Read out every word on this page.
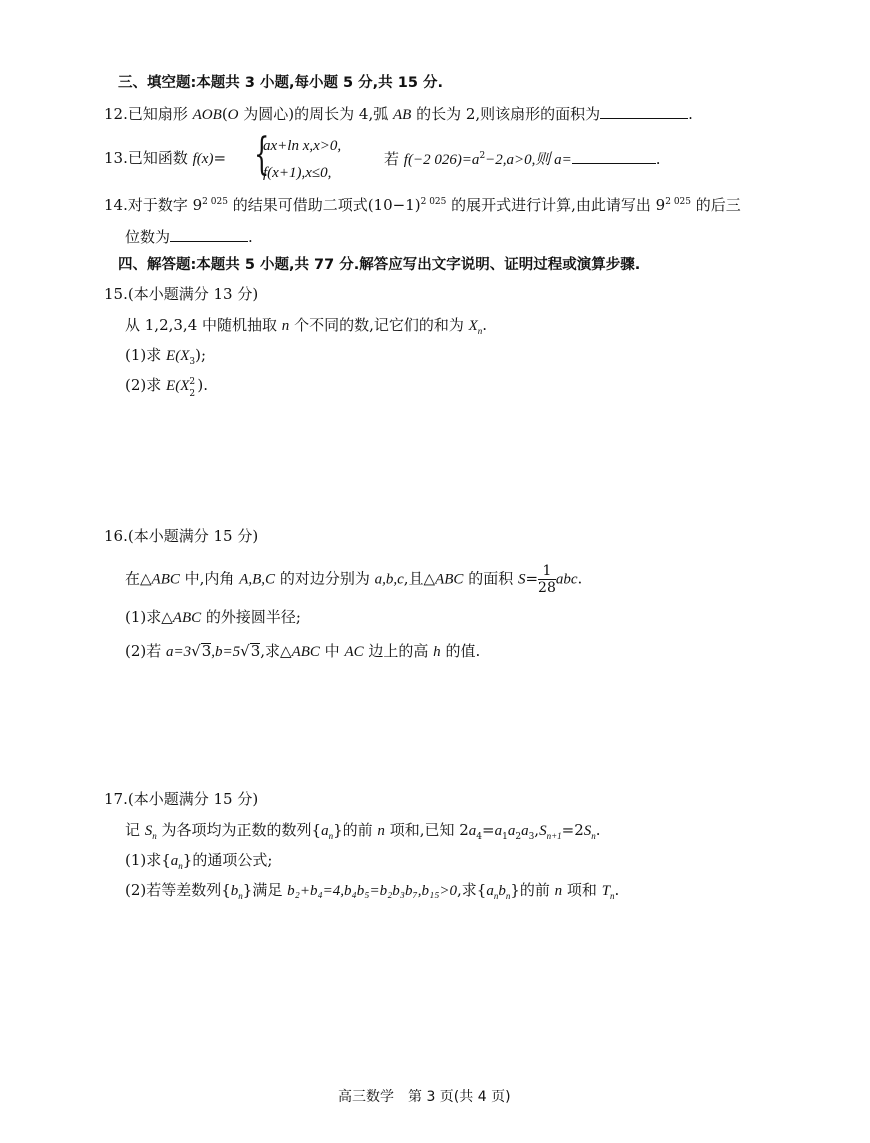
三、填空题:本题共 3 小题,每小题 5 分,共 15 分.
12.已知扇形 AOB(O 为圆心)的周长为 4,弧 AB 的长为 2,则该扇形的面积为	.
13.已知函数 f(x)= {
ax+ln x,x>0,
f(x+1),x≤0,
若 f(−2 $026)=a^2-2,a>0$,则 a=	.
14.对于数字 $9^{2 025}$ 的结果可借助二项式$(10-1)^{2 025}$ 的展开式进行计算,由此请写出 $9^{2 025}$ 的后三
位数为	.
四、解答题:本题共 5 小题,共 77 分.解答应写出文字说明、证明过程或演算步骤.
15.(本小题满分 13 分)
从 1,2,3,4 中随机抽取 n 个不同的数,记它们的和为 $X_n$.
(1)求 $E(X_3)$;
(2)求 E(X 2
2 ).
16.(本小题满分 15 分)
在△ABC 中,内角 A,B,C 的对边分别为 a,b,c,且△ABC 的面积 $S= \frac{1}{28}$ abc.
(1)求△ABC 的外接圆半径;
(2)若 a=3√3,b=5√3,求△ABC 中 AC 边上的高 h 的值.
17.(本小题满分 15 分)
记 $S_n$ 为各项均为正数的数列$\{a_n\}$的前 n 项和,已知 $2a_4=a_1a_2a_3,S_{n+1}=2S_n$.
(1)求$\{a_n\}$的通项公式;
(2)若等差数列$\{b_n\}$满足 b₂+b₄=4,b₄b₅=b₂b₃b₇,b₁₅>0,求$\{a_nb_n\}$的前 n 项和 $T_n$.
高三数学　第 3 页(共 4 页)
